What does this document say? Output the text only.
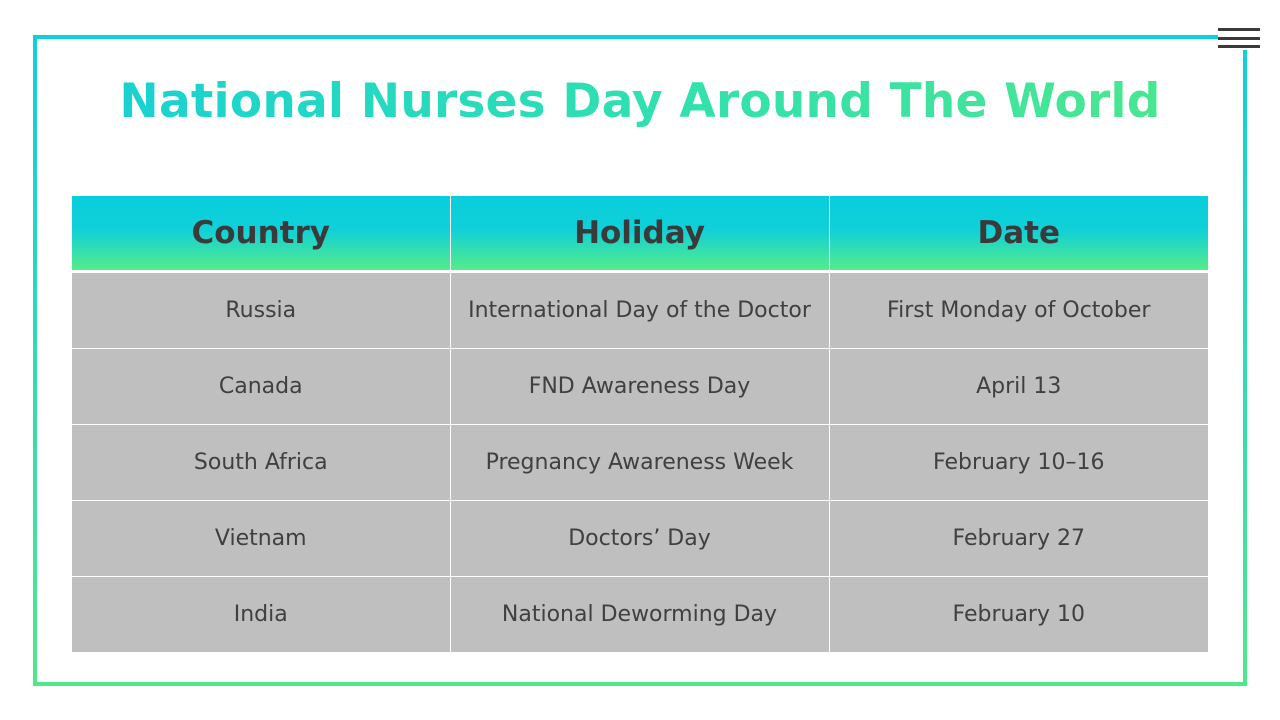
National Nurses Day Around The World
Country	Holiday	Date
Russia	International Day of the Doctor	First Monday of October
Canada	FND Awareness Day	April 13
South Africa	Pregnancy Awareness Week	February 10–16
Vietnam	Doctors’ Day	February 27
India	National Deworming Day	February 10
